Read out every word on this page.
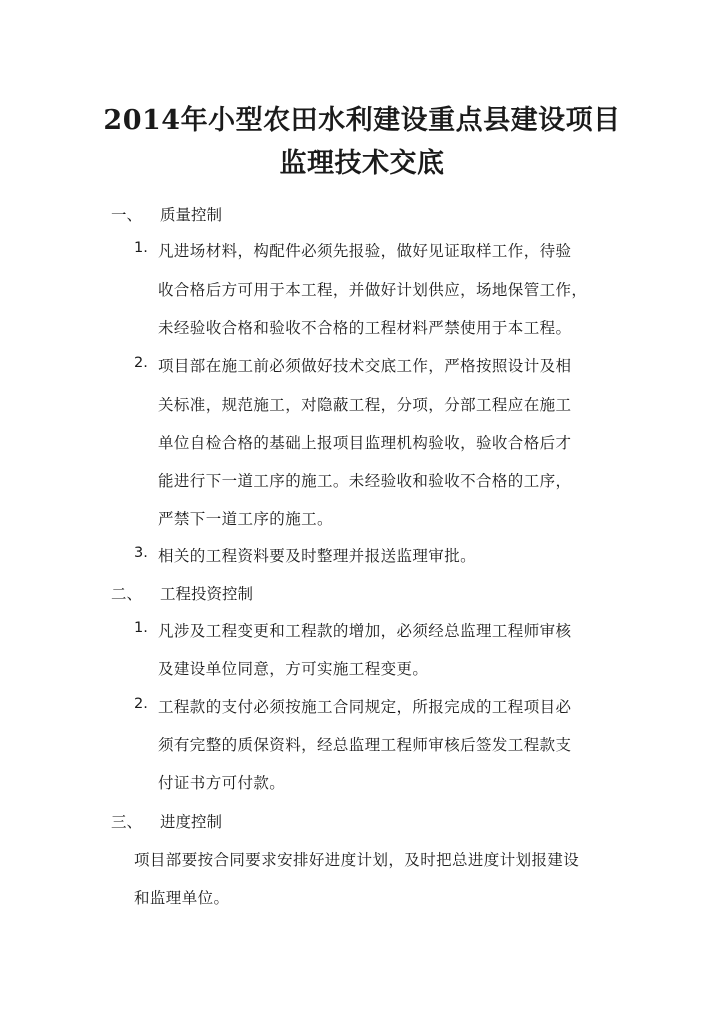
2014年小型农田水利建设重点县建设项目
监理技术交底
一、 质量控制
1. 凡进场材料，构配件必须先报验，做好见证取样工作，待验
收合格后方可用于本工程，并做好计划供应，场地保管工作，
未经验收合格和验收不合格的工程材料严禁使用于本工程。
2. 项目部在施工前必须做好技术交底工作，严格按照设计及相
关标准，规范施工，对隐蔽工程，分项，分部工程应在施工
单位自检合格的基础上报项目监理机构验收，验收合格后才
能进行下一道工序的施工。未经验收和验收不合格的工序，
严禁下一道工序的施工。
3. 相关的工程资料要及时整理并报送监理审批。
二、 工程投资控制
1. 凡涉及工程变更和工程款的增加，必须经总监理工程师审核
及建设单位同意，方可实施工程变更。
2. 工程款的支付必须按施工合同规定，所报完成的工程项目必
须有完整的质保资料，经总监理工程师审核后签发工程款支
付证书方可付款。
三、 进度控制
项目部要按合同要求安排好进度计划，及时把总进度计划报建设
和监理单位。
